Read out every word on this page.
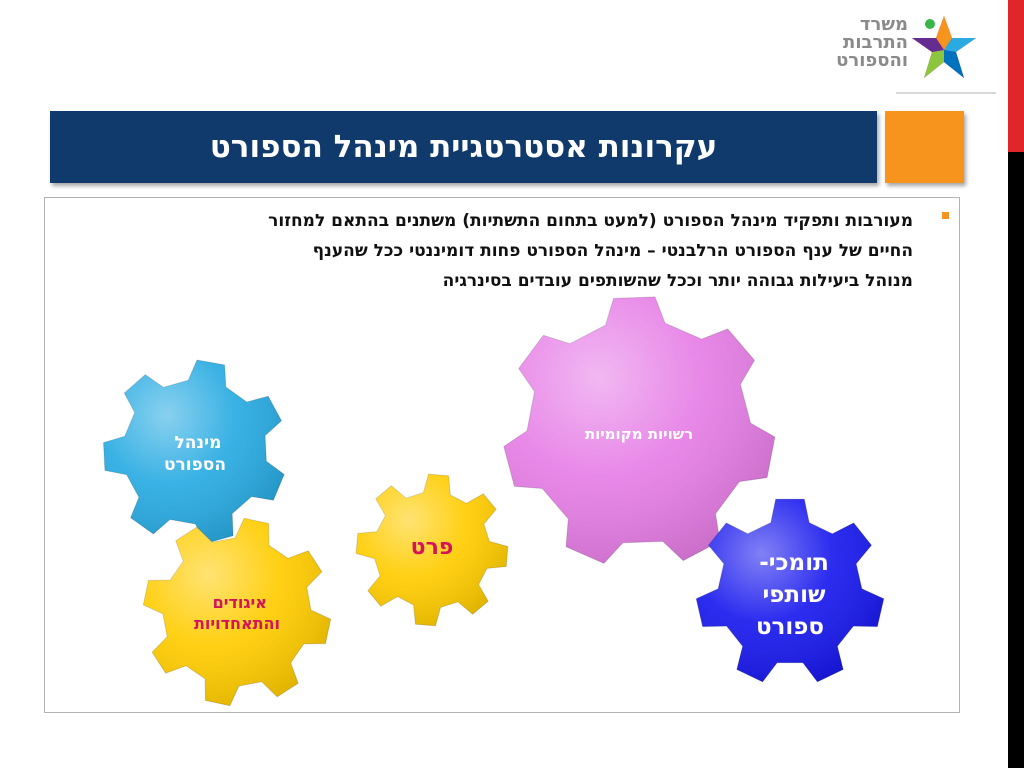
משרד
התרבות
והספורט
עקרונות אסטרטגיית מינהל הספורט
מעורבות ותפקיד מינהל הספורט (למעט בתחום התשתיות) משתנים בהתאם למחזור
החיים של ענף הספורט הרלבנטי – מינהל הספורט פחות דומיננטי ככל שהענף
מנוהל ביעילות גבוהה יותר וככל שהשותפים עובדים בסינרגיה
מינהל הספורט
רשויות מקומיות
פרט
איגודים והתאחדויות
תומכי- שותפי ספורט
